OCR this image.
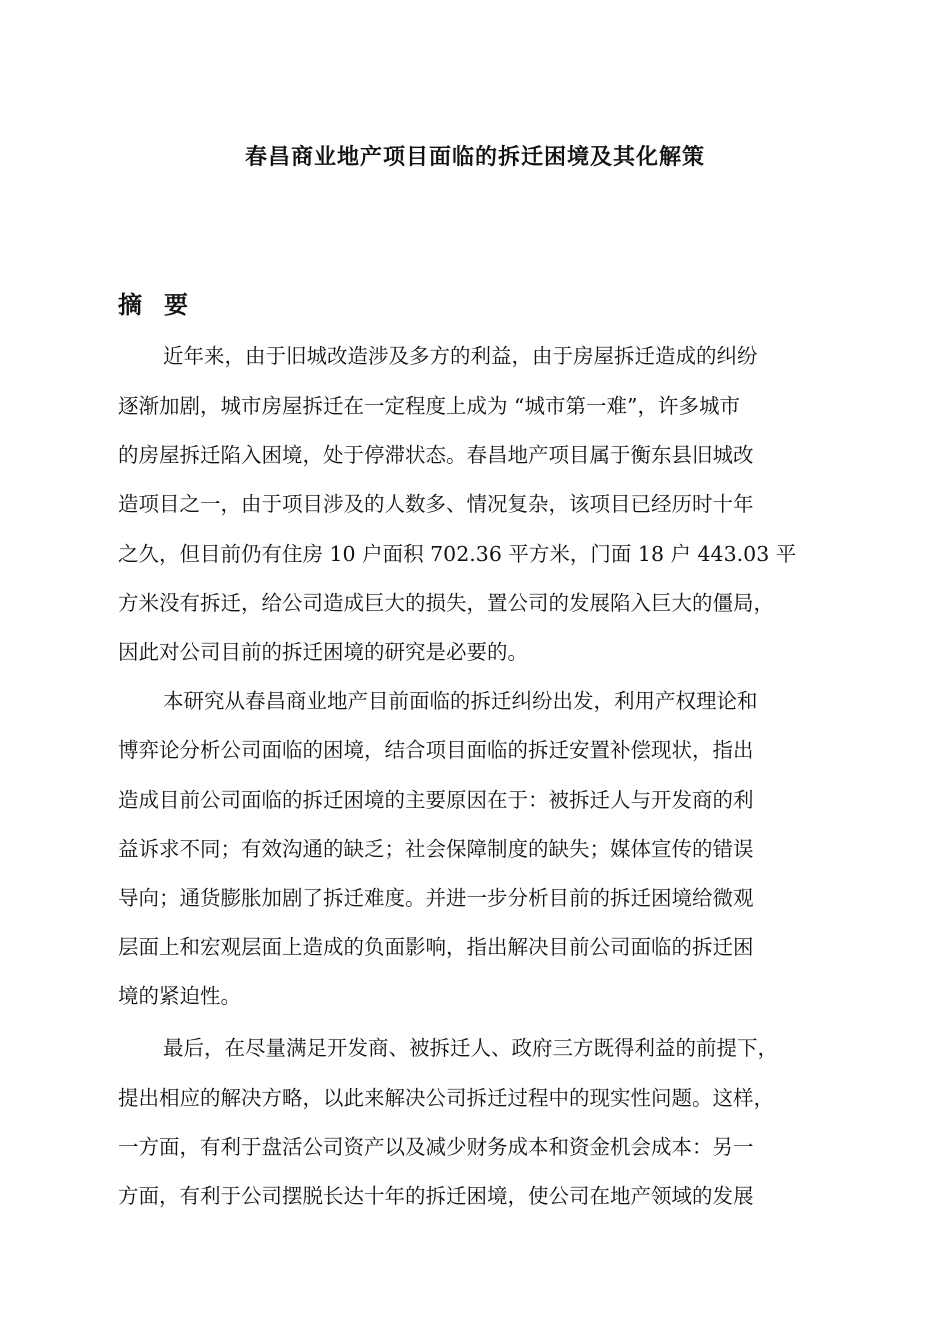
春昌商业地产项目面临的拆迁困境及其化解策
摘 要
近年来，由于旧城改造涉及多方的利益，由于房屋拆迁造成的纠纷
逐渐加剧，城市房屋拆迁在一定程度上成为 “城市第一难”，许多城市
的房屋拆迁陷入困境，处于停滞状态。春昌地产项目属于衡东县旧城改
造项目之一，由于项目涉及的人数多、情况复杂，该项目已经历时十年
之久，但目前仍有住房 10 户面积 702.36 平方米，门面 18 户 443.03 平
方米没有拆迁，给公司造成巨大的损失，置公司的发展陷入巨大的僵局，
因此对公司目前的拆迁困境的研究是必要的。
本研究从春昌商业地产目前面临的拆迁纠纷出发，利用产权理论和
博弈论分析公司面临的困境，结合项目面临的拆迁安置补偿现状，指出
造成目前公司面临的拆迁困境的主要原因在于：被拆迁人与开发商的利
益诉求不同；有效沟通的缺乏；社会保障制度的缺失；媒体宣传的错误
导向；通货膨胀加剧了拆迁难度。并进一步分析目前的拆迁困境给微观
层面上和宏观层面上造成的负面影响，指出解决目前公司面临的拆迁困
境的紧迫性。
最后，在尽量满足开发商、被拆迁人、政府三方既得利益的前提下，
提出相应的解决方略，以此来解决公司拆迁过程中的现实性问题。这样，
一方面，有利于盘活公司资产以及减少财务成本和资金机会成本：另一
方面，有利于公司摆脱长达十年的拆迁困境，使公司在地产领域的发展
